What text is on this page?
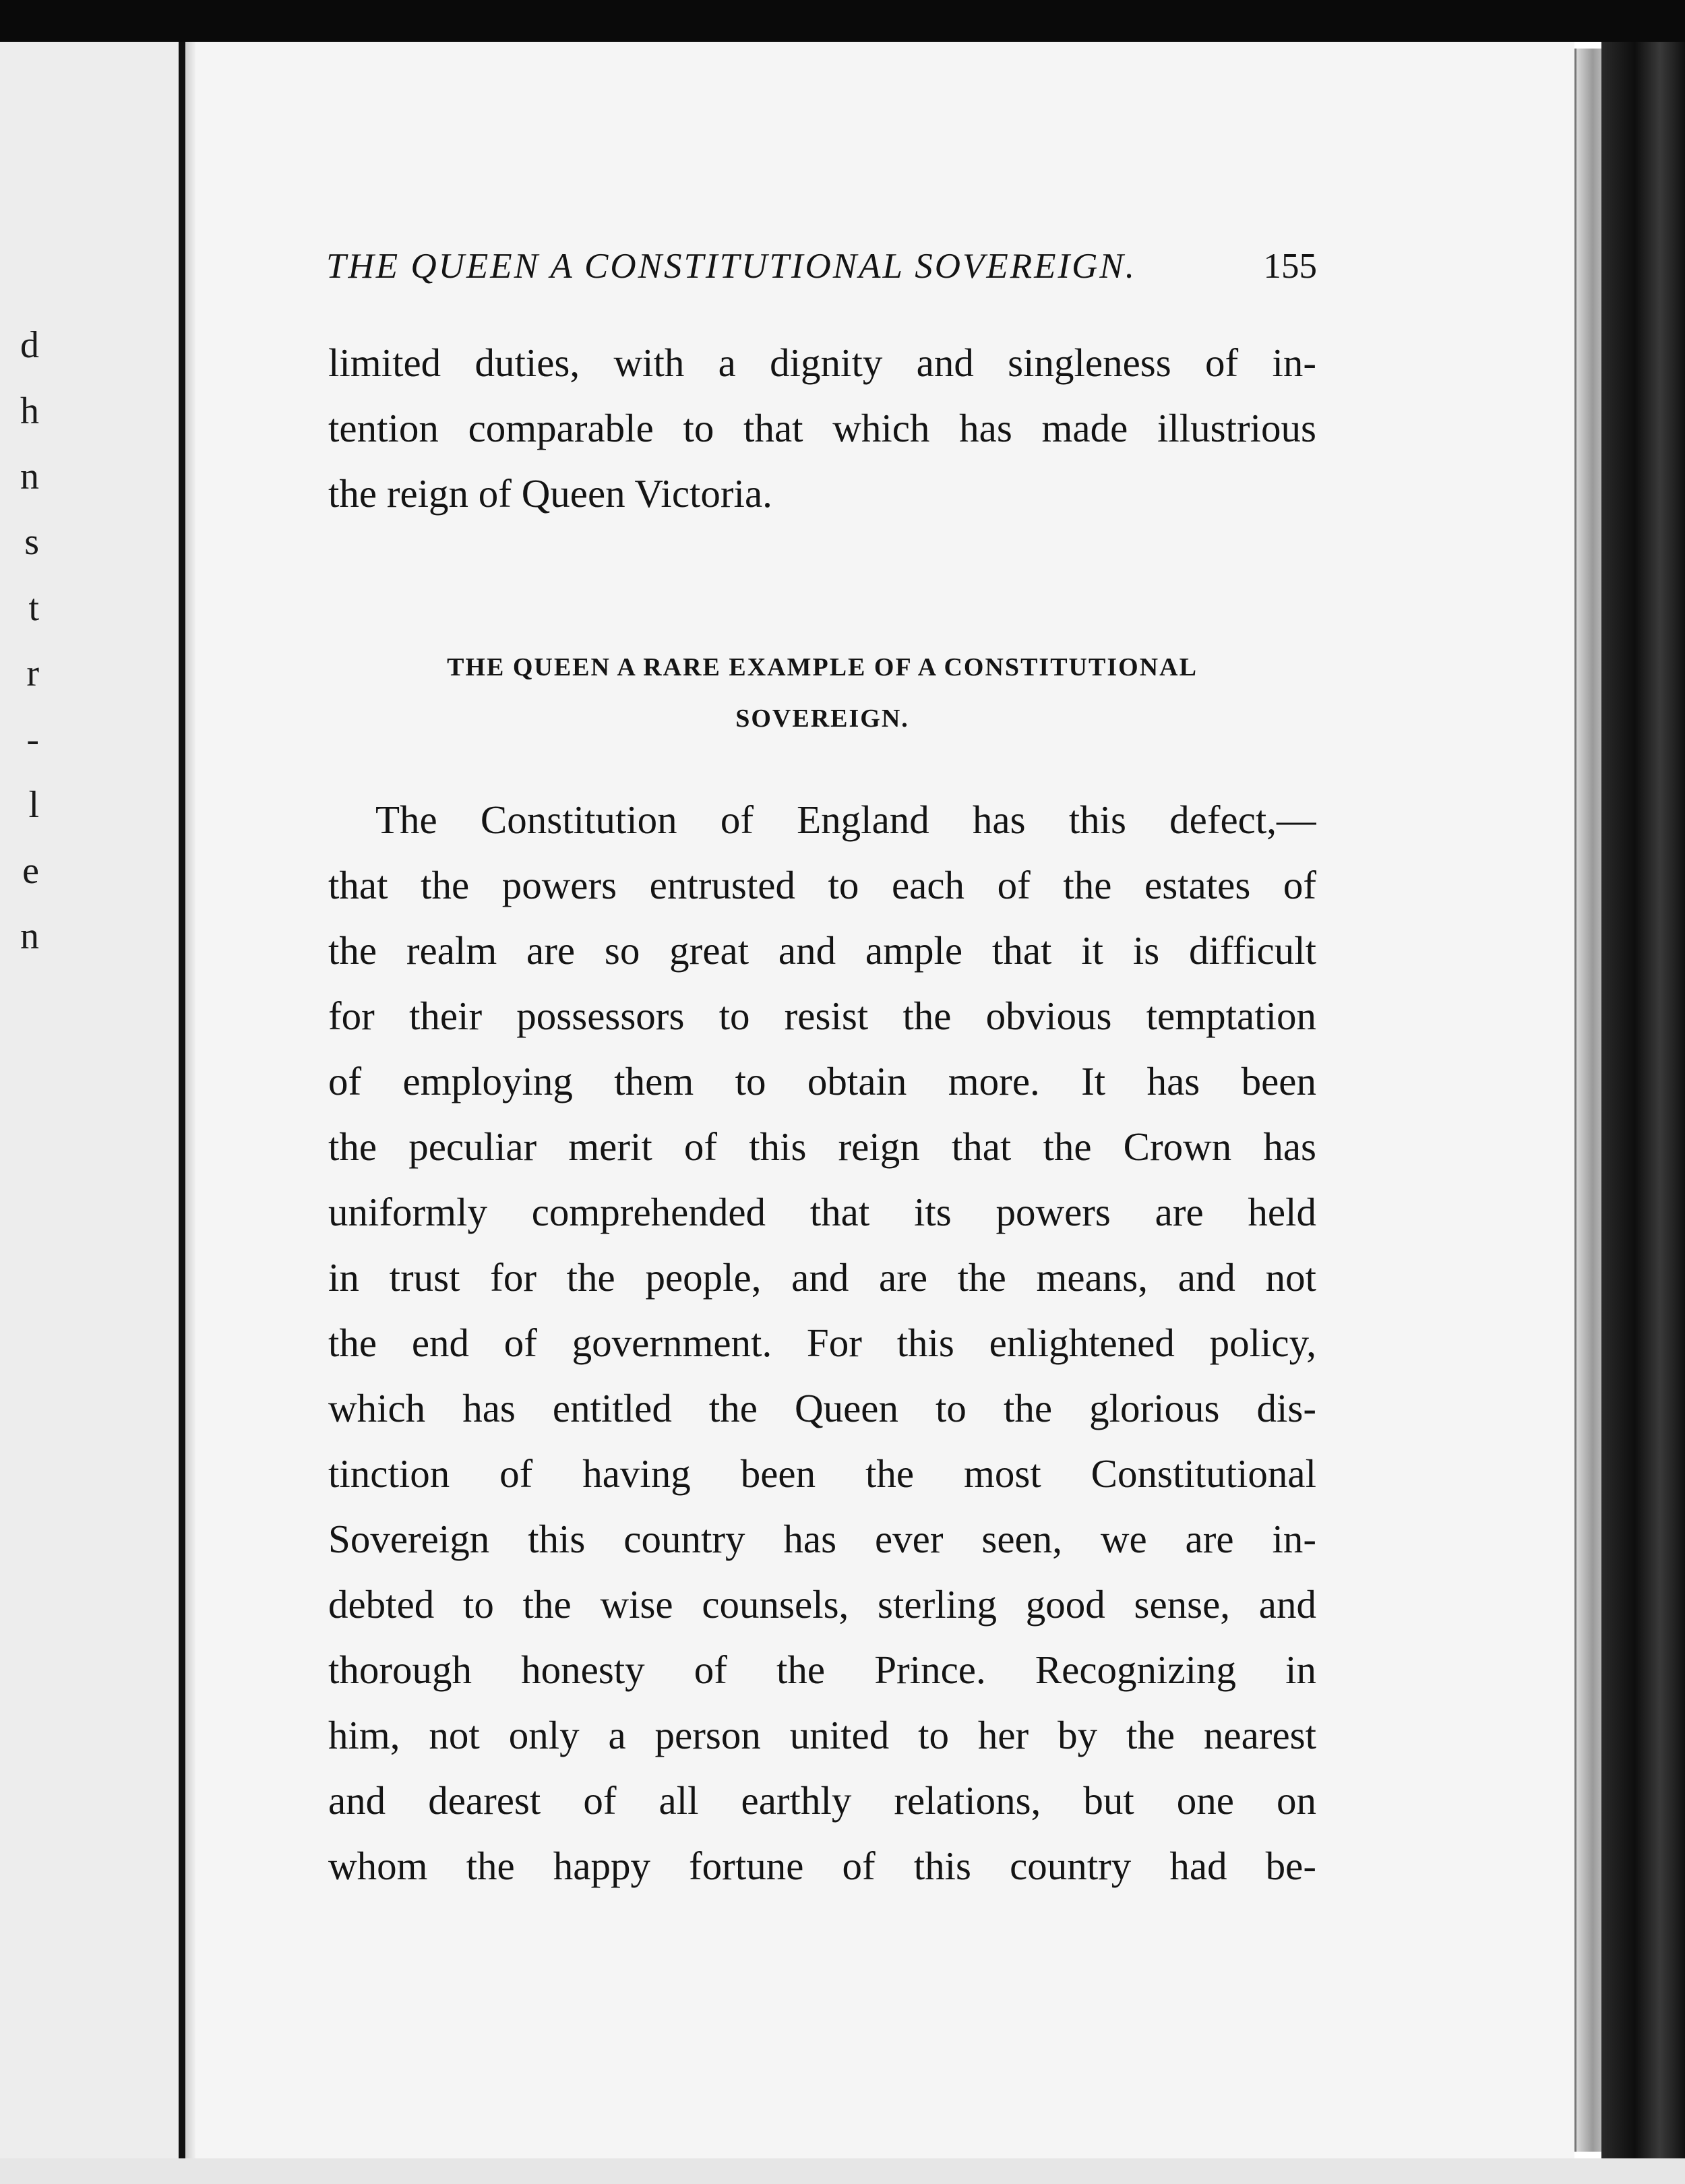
d
h
n
s
t
r
-
l
e
n
THE QUEEN A CONSTITUTIONAL SOVEREIGN.	155
limited duties, with a dignity and singleness of in-
tention comparable to that which has made illustrious
the reign of Queen Victoria.
THE QUEEN A RARE EXAMPLE OF A CONSTITUTIONAL
SOVEREIGN.
The Constitution of England has this defect,—
that the powers entrusted to each of the estates of
the realm are so great and ample that it is difficult
for their possessors to resist the obvious temptation
of employing them to obtain more. It has been
the peculiar merit of this reign that the Crown has
uniformly comprehended that its powers are held
in trust for the people, and are the means, and not
the end of government. For this enlightened policy,
which has entitled the Queen to the glorious dis-
tinction of having been the most Constitutional
Sovereign this country has ever seen, we are in-
debted to the wise counsels, sterling good sense, and
thorough honesty of the Prince. Recognizing in
him, not only a person united to her by the nearest
and dearest of all earthly relations, but one on
whom the happy fortune of this country had be-
